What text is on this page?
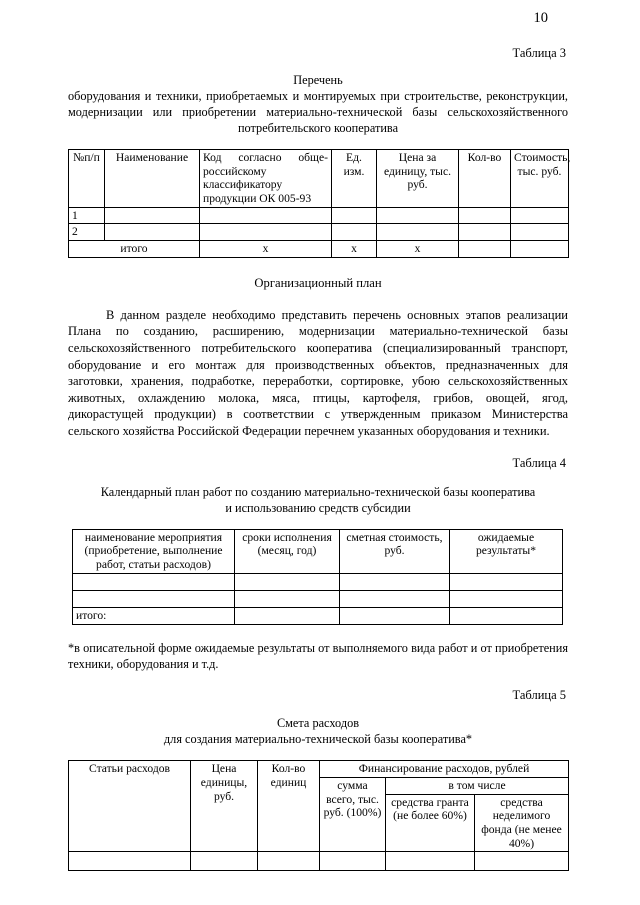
10
Таблица 3
Перечень
оборудования и техники, приобретаемых и монтируемых при строительстве, реконструкции, модернизации или приобретении материально-технической базы сельскохозяйственного потребительского кооператива
№п/п	Наименование	Код согласно обще-российскому классификатору продукции ОК 005-93	Ед. изм.	Цена за единицу, тыс. руб.	Кол-во	Стоимость, тыс. руб.
1						
2						
итого		х	х	х		
Организационный план
В данном разделе необходимо представить перечень основных этапов реализации Плана по созданию, расширению, модернизации материально-технической базы сельскохозяйственного потребительского кооператива (специализированный транспорт, оборудование и его монтаж для производственных объектов, предназначенных для заготовки, хранения, подработке, переработки, сортировке, убою сельскохозяйственных животных, охлаждению молока, мяса, птицы, картофеля, грибов, овощей, ягод, дикорастущей продукции) в соответствии с утвержденным приказом Министерства сельского хозяйства Российской Федерации перечнем указанных оборудования и техники.
Таблица 4
Календарный план работ по созданию материально-технической базы кооператива
и использованию средств субсидии
наименование мероприятия (приобретение, выполнение работ, статьи расходов)	сроки исполнения (месяц, год)	сметная стоимость, руб.	ожидаемые результаты*

итого:			
*в описательной форме ожидаемые результаты от выполняемого вида работ и от приобретения техники, оборудования и т.д.
Таблица 5
Смета расходов
для создания материально-технической базы кооператива*
Статьи расходов	Цена единицы, руб.	Кол-во единиц	Финансирование расходов, рублей		
			сумма всего, тыс. руб. (100%)	в том числе	
				средства гранта (не более 60%)	средства неделимого фонда (не менее 40%)
